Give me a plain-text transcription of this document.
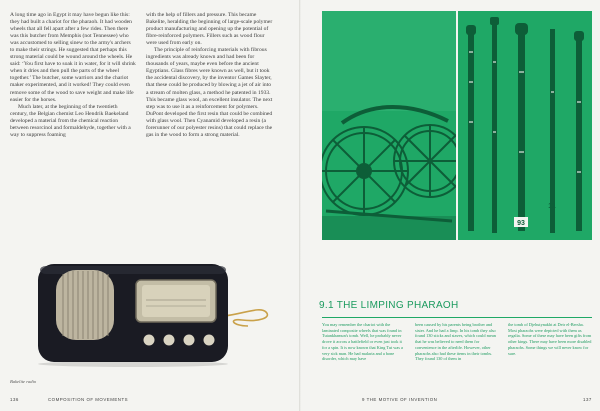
A long time ago in Egypt it may have begun like this: they had built a chariot for the pharaoh. It had wooden wheels that all fell apart after a few rides. Then there was this butcher from Memphis (not Tennessee) who was accustomed to selling sinew to the army's archers to make their strings. He suggested that perhaps this strong material could be wound around the wheels. He said: ‘You first have to soak it in water, for it will shrink when it dries and then pull the parts of the wheel together.’ The butcher, some warriors and the chariot maker experimented, and it worked! They could even remove some of the wood to save weight and make life easier for the horses.

Much later, at the beginning of the twentieth century, the Belgian chemist Leo Hendrik Baekeland developed a material from the chemical reaction between resorcinol and formaldehyde, together with a way to suppress foaming

with the help of fillers and pressure. This became Bakelite, heralding the beginning of large-scale polymer product manufacturing and opening up the potential of fibre-reinforced polymers. Fillers such as wood flour were used from early on.

The principle of reinforcing materials with fibrous ingredients was already known and had been for thousands of years, maybe even before the ancient Egyptians. Glass fibres were known as well, but it took the accidental discovery, by the inventor Games Slayter, that these could be produced by blowing a jet of air into a stream of molten glass, a method he patented in 1933. This became glass wool, an excellent insulator. The next step was to use it as a reinforcement for polymers. DuPont developed the first resin that could be combined with glass wool. Then Cyanamid developed a resin (a forerunner of our polyester resins) that could replace the gas in the wood to form a strong material.

Bakelite radio
136	COMPOSITION OF MOVEMENTS
93
11
9.1 THE LIMPING PHARAOH

You may remember the chariot with the laminated composite wheels that was found in Tutankhamun's tomb. Well, he probably never drove it across a battlefield or even just took it for a spin. It is now known that King Tut was a very sick man. He had malaria and a bone disorder, which may have

been caused by his parents being brother and sister. And he had a limp. In his tomb they also found 130 sticks and staves, which could mean that he was believed to need them for convenience in the afterlife. However, other pharaohs also had these items in their tombs. They found 130 of them in

the tomb of Djehutynakht at Deir el-Bersha. Most pharaohs were depicted with them as regalia. Some of these may have been gifts from other kings. There may have been more disabled pharaohs. Some things we will never know for sure.

9 THE MOTIVE OF INVENTION	137
